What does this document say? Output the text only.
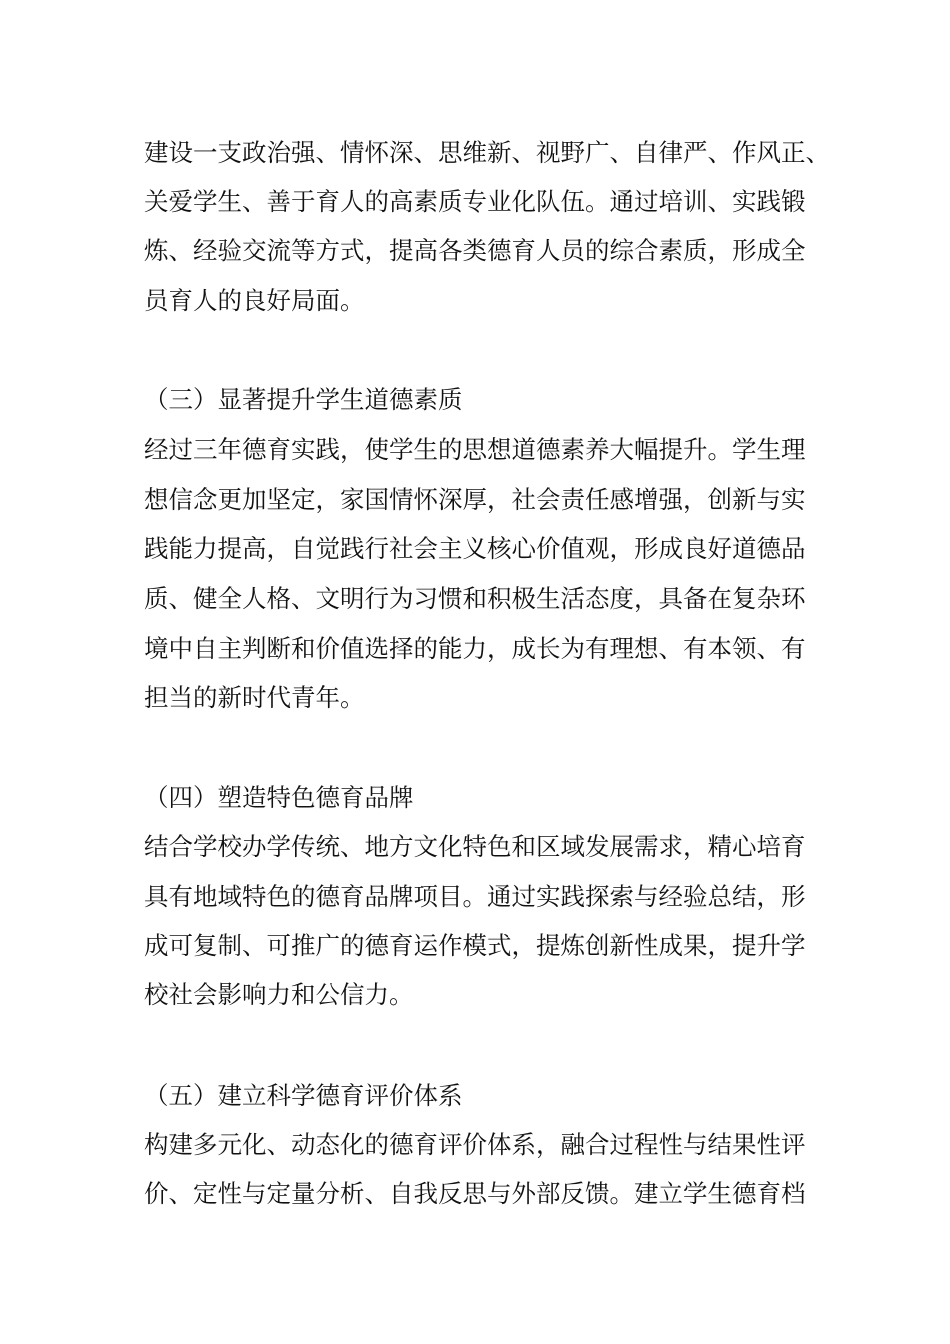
建设一支政治强、情怀深、思维新、视野广、自律严、作风正、
关爱学生、善于育人的高素质专业化队伍。通过培训、实践锻
炼、经验交流等方式，提高各类德育人员的综合素质，形成全
员育人的良好局面。
（三）显著提升学生道德素质
经过三年德育实践，使学生的思想道德素养大幅提升。学生理
想信念更加坚定，家国情怀深厚，社会责任感增强，创新与实
践能力提高，自觉践行社会主义核心价值观，形成良好道德品
质、健全人格、文明行为习惯和积极生活态度，具备在复杂环
境中自主判断和价值选择的能力，成长为有理想、有本领、有
担当的新时代青年。
（四）塑造特色德育品牌
结合学校办学传统、地方文化特色和区域发展需求，精心培育
具有地域特色的德育品牌项目。通过实践探索与经验总结，形
成可复制、可推广的德育运作模式，提炼创新性成果，提升学
校社会影响力和公信力。
（五）建立科学德育评价体系
构建多元化、动态化的德育评价体系，融合过程性与结果性评
价、定性与定量分析、自我反思与外部反馈。建立学生德育档
